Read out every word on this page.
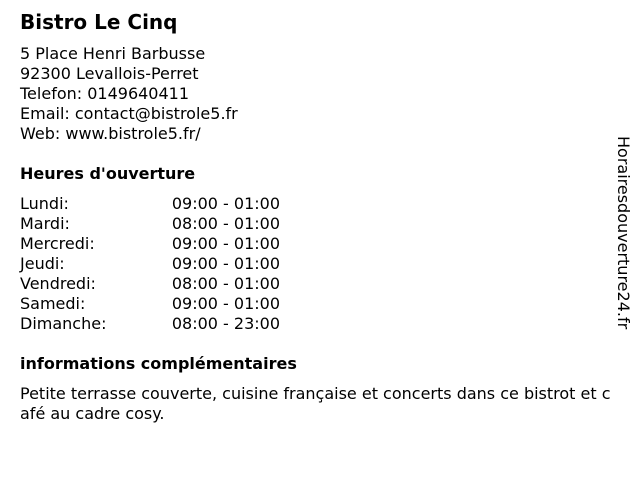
Bistro Le Cinq
5 Place Henri Barbusse
92300 Levallois-Perret
Telefon: 0149640411
Email: contact@bistrole5.fr
Web: www.bistrole5.fr/
Heures d'ouverture
Lundi:	09:00 - 01:00
Mardi:	08:00 - 01:00
Mercredi:	09:00 - 01:00
Jeudi:	09:00 - 01:00
Vendredi:	08:00 - 01:00
Samedi:	09:00 - 01:00
Dimanche:	08:00 - 23:00
informations complémentaires
Petite terrasse couverte, cuisine française et concerts dans ce bistrot et café au cadre cosy.
Horairesdouverture24.fr
